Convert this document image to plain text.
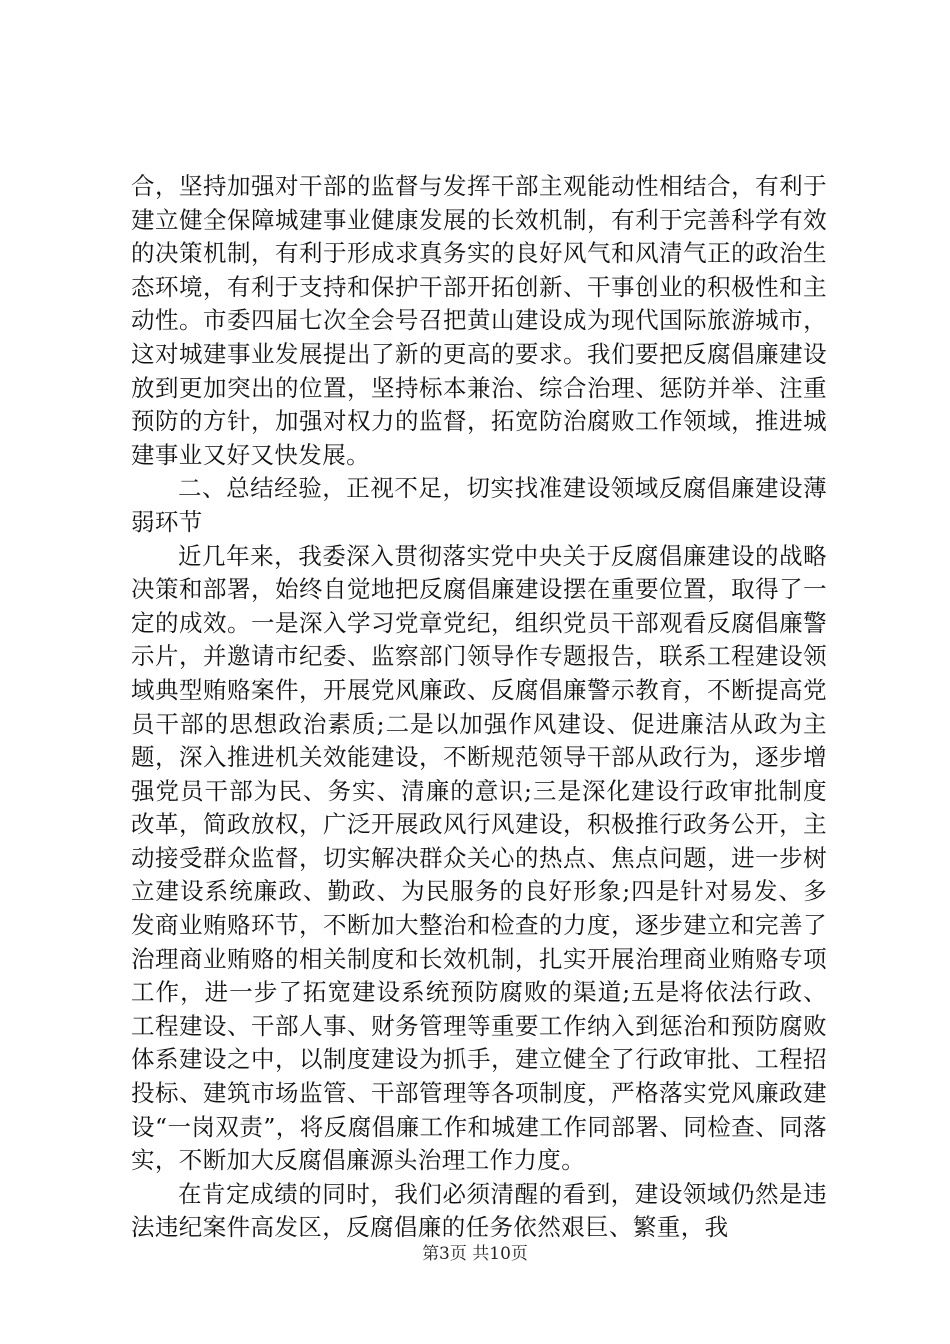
合，坚持加强对干部的监督与发挥干部主观能动性相结合，有利于建立健全保障城建事业健康发展的长效机制，有利于完善科学有效的决策机制，有利于形成求真务实的良好风气和风清气正的政治生态环境，有利于支持和保护干部开拓创新、干事创业的积极性和主动性。市委四届七次全会号召把黄山建设成为现代国际旅游城市，这对城建事业发展提出了新的更高的要求。我们要把反腐倡廉建设放到更加突出的位置，坚持标本兼治、综合治理、惩防并举、注重预防的方针，加强对权力的监督，拓宽防治腐败工作领域，推进城建事业又好又快发展。

二、总结经验，正视不足，切实找准建设领域反腐倡廉建设薄弱环节

近几年来，我委深入贯彻落实党中央关于反腐倡廉建设的战略决策和部署，始终自觉地把反腐倡廉建设摆在重要位置，取得了一定的成效。一是深入学习党章党纪，组织党员干部观看反腐倡廉警示片，并邀请市纪委、监察部门领导作专题报告，联系工程建设领域典型贿赂案件，开展党风廉政、反腐倡廉警示教育，不断提高党员干部的思想政治素质;二是以加强作风建设、促进廉洁从政为主题，深入推进机关效能建设，不断规范领导干部从政行为，逐步增强党员干部为民、务实、清廉的意识;三是深化建设行政审批制度改革，简政放权，广泛开展政风行风建设，积极推行政务公开，主动接受群众监督，切实解决群众关心的热点、焦点问题，进一步树立建设系统廉政、勤政、为民服务的良好形象;四是针对易发、多发商业贿赂环节，不断加大整治和检查的力度，逐步建立和完善了治理商业贿赂的相关制度和长效机制，扎实开展治理商业贿赂专项工作，进一步了拓宽建设系统预防腐败的渠道;五是将依法行政、工程建设、干部人事、财务管理等重要工作纳入到惩治和预防腐败体系建设之中，以制度建设为抓手，建立健全了行政审批、工程招投标、建筑市场监管、干部管理等各项制度，严格落实党风廉政建设“一岗双责”，将反腐倡廉工作和城建工作同部署、同检查、同落实，不断加大反腐倡廉源头治理工作力度。

在肯定成绩的同时，我们必须清醒的看到，建设领域仍然是违法违纪案件高发区，反腐倡廉的任务依然艰巨、繁重，我

第3页 共10页
